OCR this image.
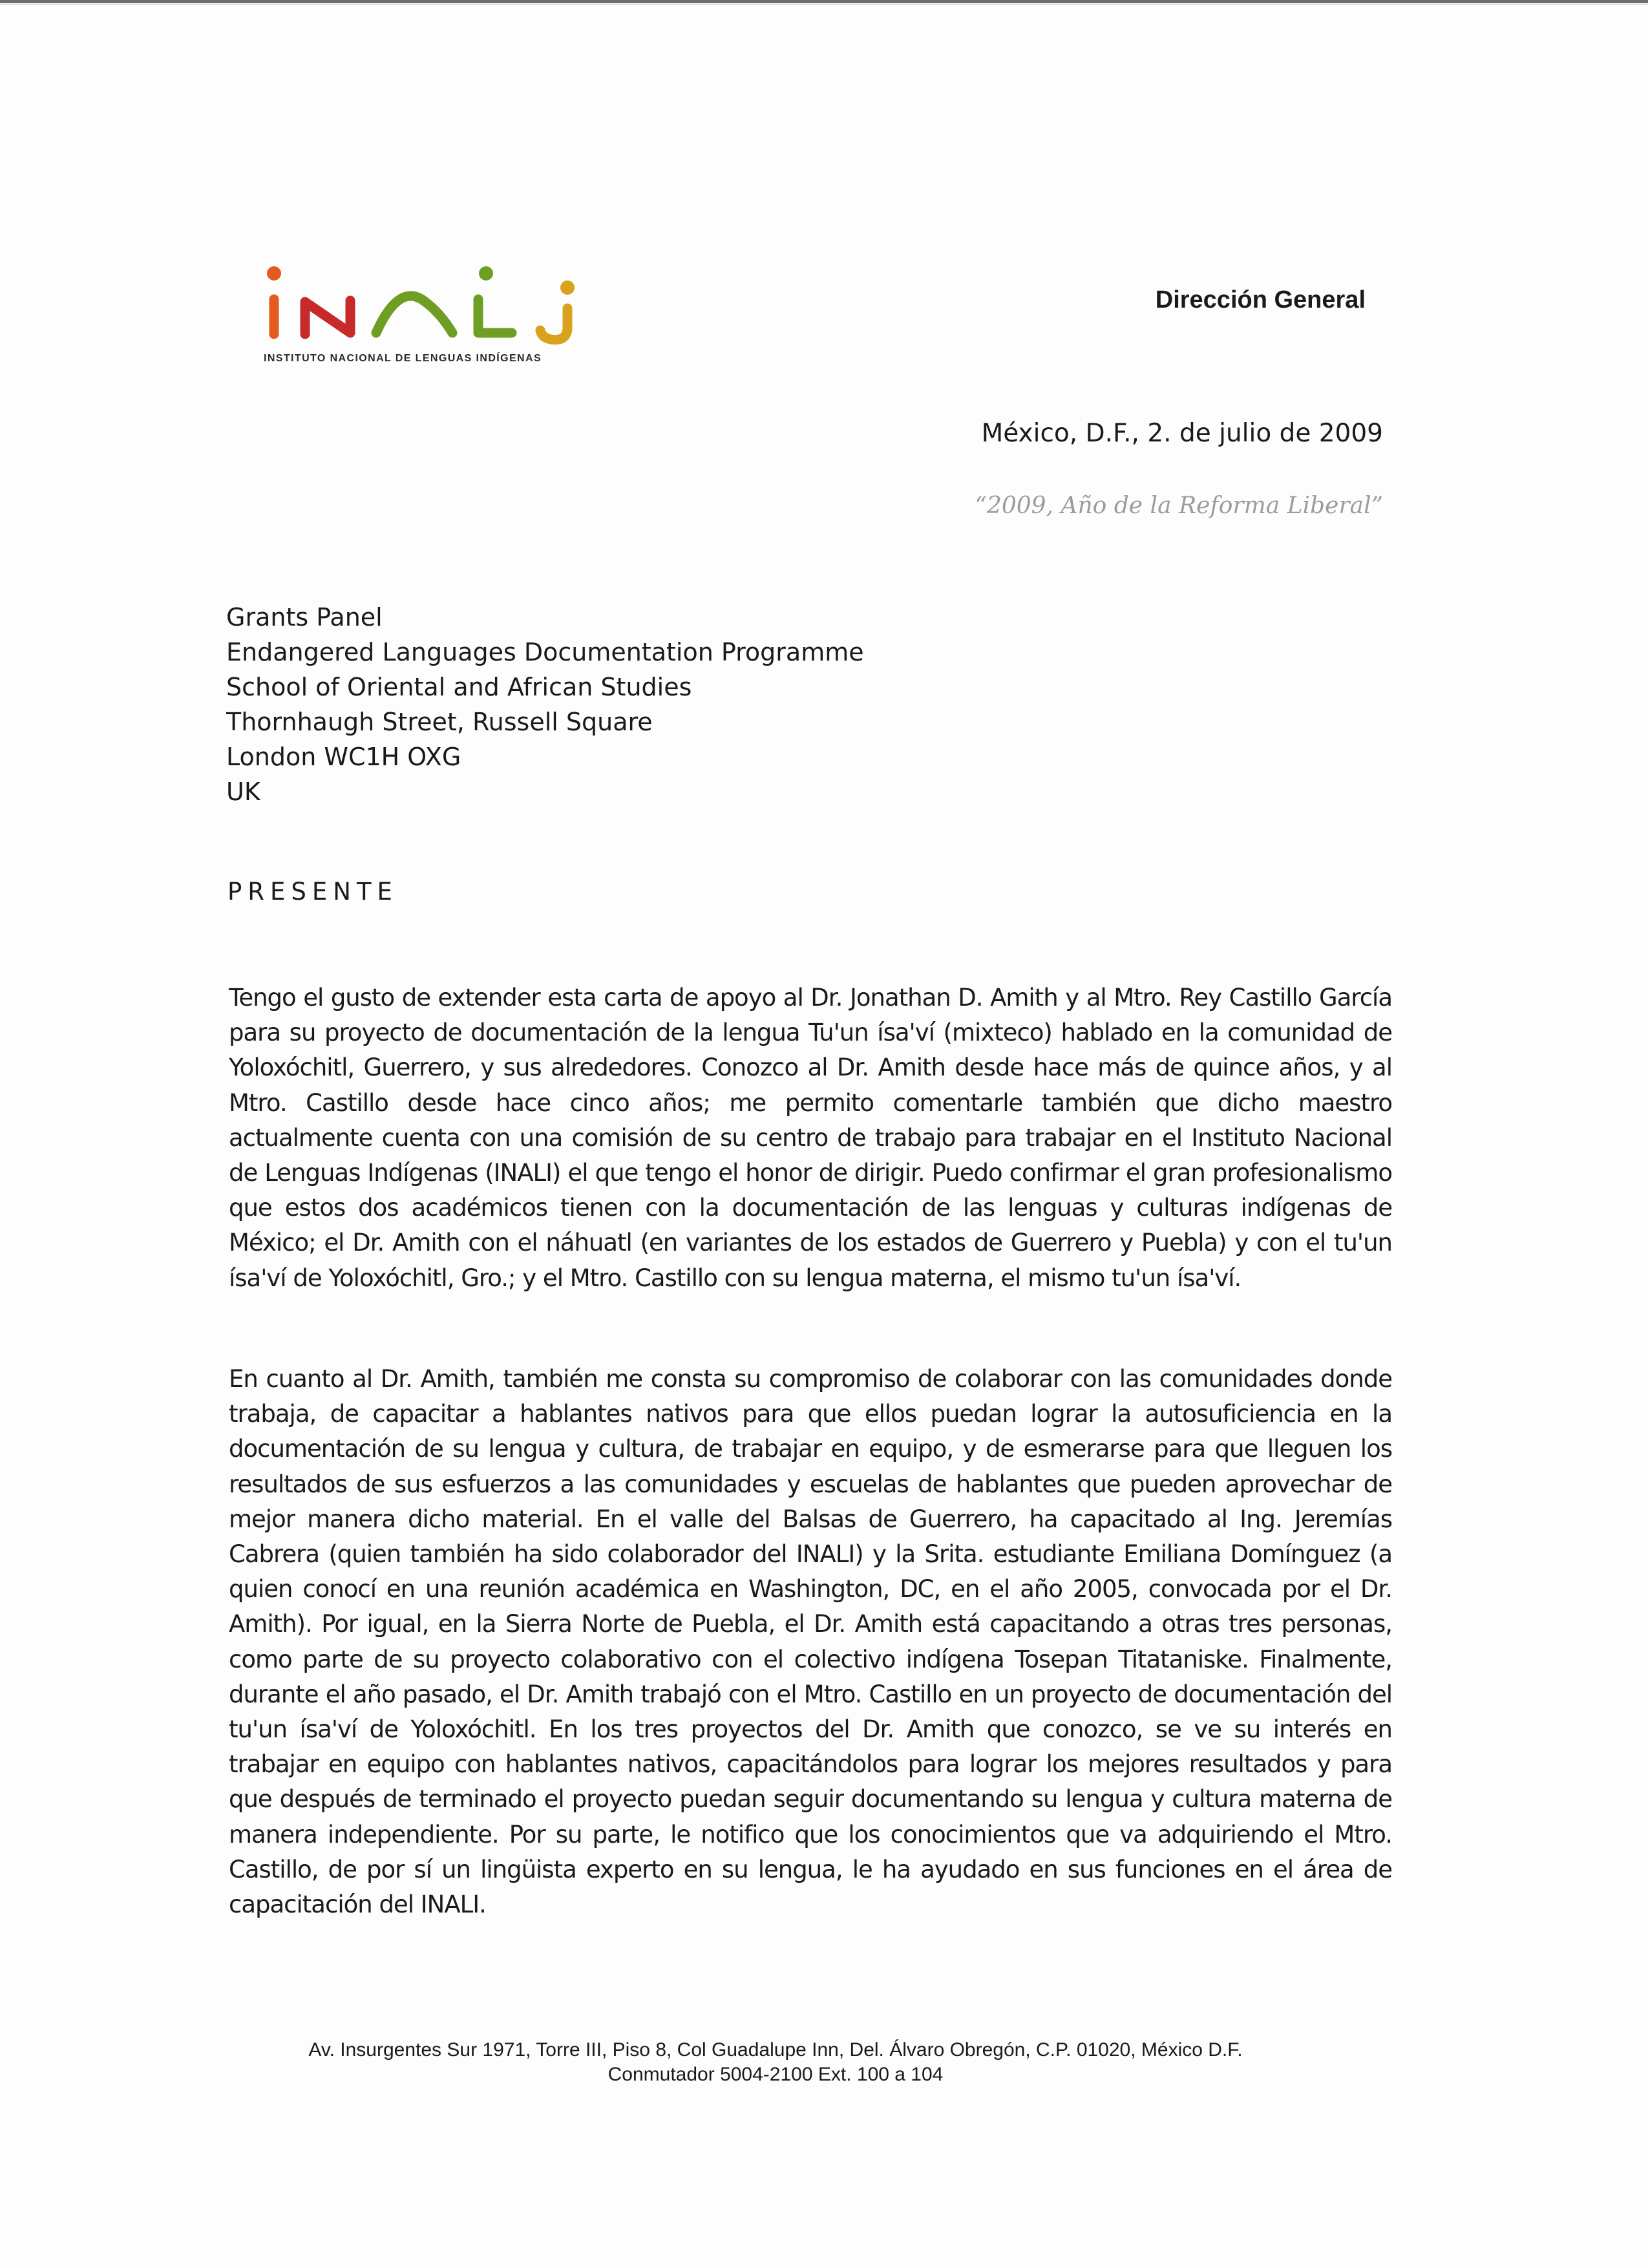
INSTITUTO NACIONAL DE LENGUAS INDÍGENAS
Dirección General
México, D.F., 2. de julio de 2009
“2009, Año de la Reforma Liberal”
Grants Panel
Endangered Languages Documentation Programme
School of Oriental and African Studies
Thornhaugh Street, Russell Square
London WC1H OXG
UK
PRESENTE

Tengo el gusto de extender esta carta de apoyo al Dr. Jonathan D. Amith y al Mtro. Rey Castillo García para su proyecto de documentación de la lengua Tu'un ísa'ví (mixteco) hablado en la comunidad de Yoloxóchitl, Guerrero, y sus alrededores. Conozco al Dr. Amith desde hace más de quince años, y al Mtro. Castillo desde hace cinco años; me permito comentarle también que dicho maestro actualmente cuenta con una comisión de su centro de trabajo para trabajar en el Instituto Nacional de Lenguas Indígenas (INALI) el que tengo el honor de dirigir. Puedo confirmar el gran profesionalismo que estos dos académicos tienen con la documentación de las lenguas y culturas indígenas de México; el Dr. Amith con el náhuatl (en variantes de los estados de Guerrero y Puebla) y con el tu'un ísa'ví de Yoloxóchitl, Gro.; y el Mtro. Castillo con su lengua materna, el mismo tu'un ísa'ví.

En cuanto al Dr. Amith, también me consta su compromiso de colaborar con las comunidades donde trabaja, de capacitar a hablantes nativos para que ellos puedan lograr la autosuficiencia en la documentación de su lengua y cultura, de trabajar en equipo, y de esmerarse para que lleguen los resultados de sus esfuerzos a las comunidades y escuelas de hablantes que pueden aprovechar de mejor manera dicho material. En el valle del Balsas de Guerrero, ha capacitado al Ing. Jeremías Cabrera (quien también ha sido colaborador del INALI) y la Srita. estudiante Emiliana Domínguez (a quien conocí en una reunión académica en Washington, DC, en el año 2005, convocada por el Dr. Amith). Por igual, en la Sierra Norte de Puebla, el Dr. Amith está capacitando a otras tres personas, como parte de su proyecto colaborativo con el colectivo indígena Tosepan Titataniske. Finalmente, durante el año pasado, el Dr. Amith trabajó con el Mtro. Castillo en un proyecto de documentación del tu'un ísa'ví de Yoloxóchitl. En los tres proyectos del Dr. Amith que conozco, se ve su interés en trabajar en equipo con hablantes nativos, capacitándolos para lograr los mejores resultados y para que después de terminado el proyecto puedan seguir documentando su lengua y cultura materna de manera independiente. Por su parte, le notifico que los conocimientos que va adquiriendo el Mtro. Castillo, de por sí un lingüista experto en su lengua, le ha ayudado en sus funciones en el área de capacitación del INALI.

Av. Insurgentes Sur 1971, Torre III, Piso 8, Col Guadalupe Inn, Del. Álvaro Obregón, C.P. 01020, México D.F.
Conmutador 5004-2100 Ext. 100 a 104
